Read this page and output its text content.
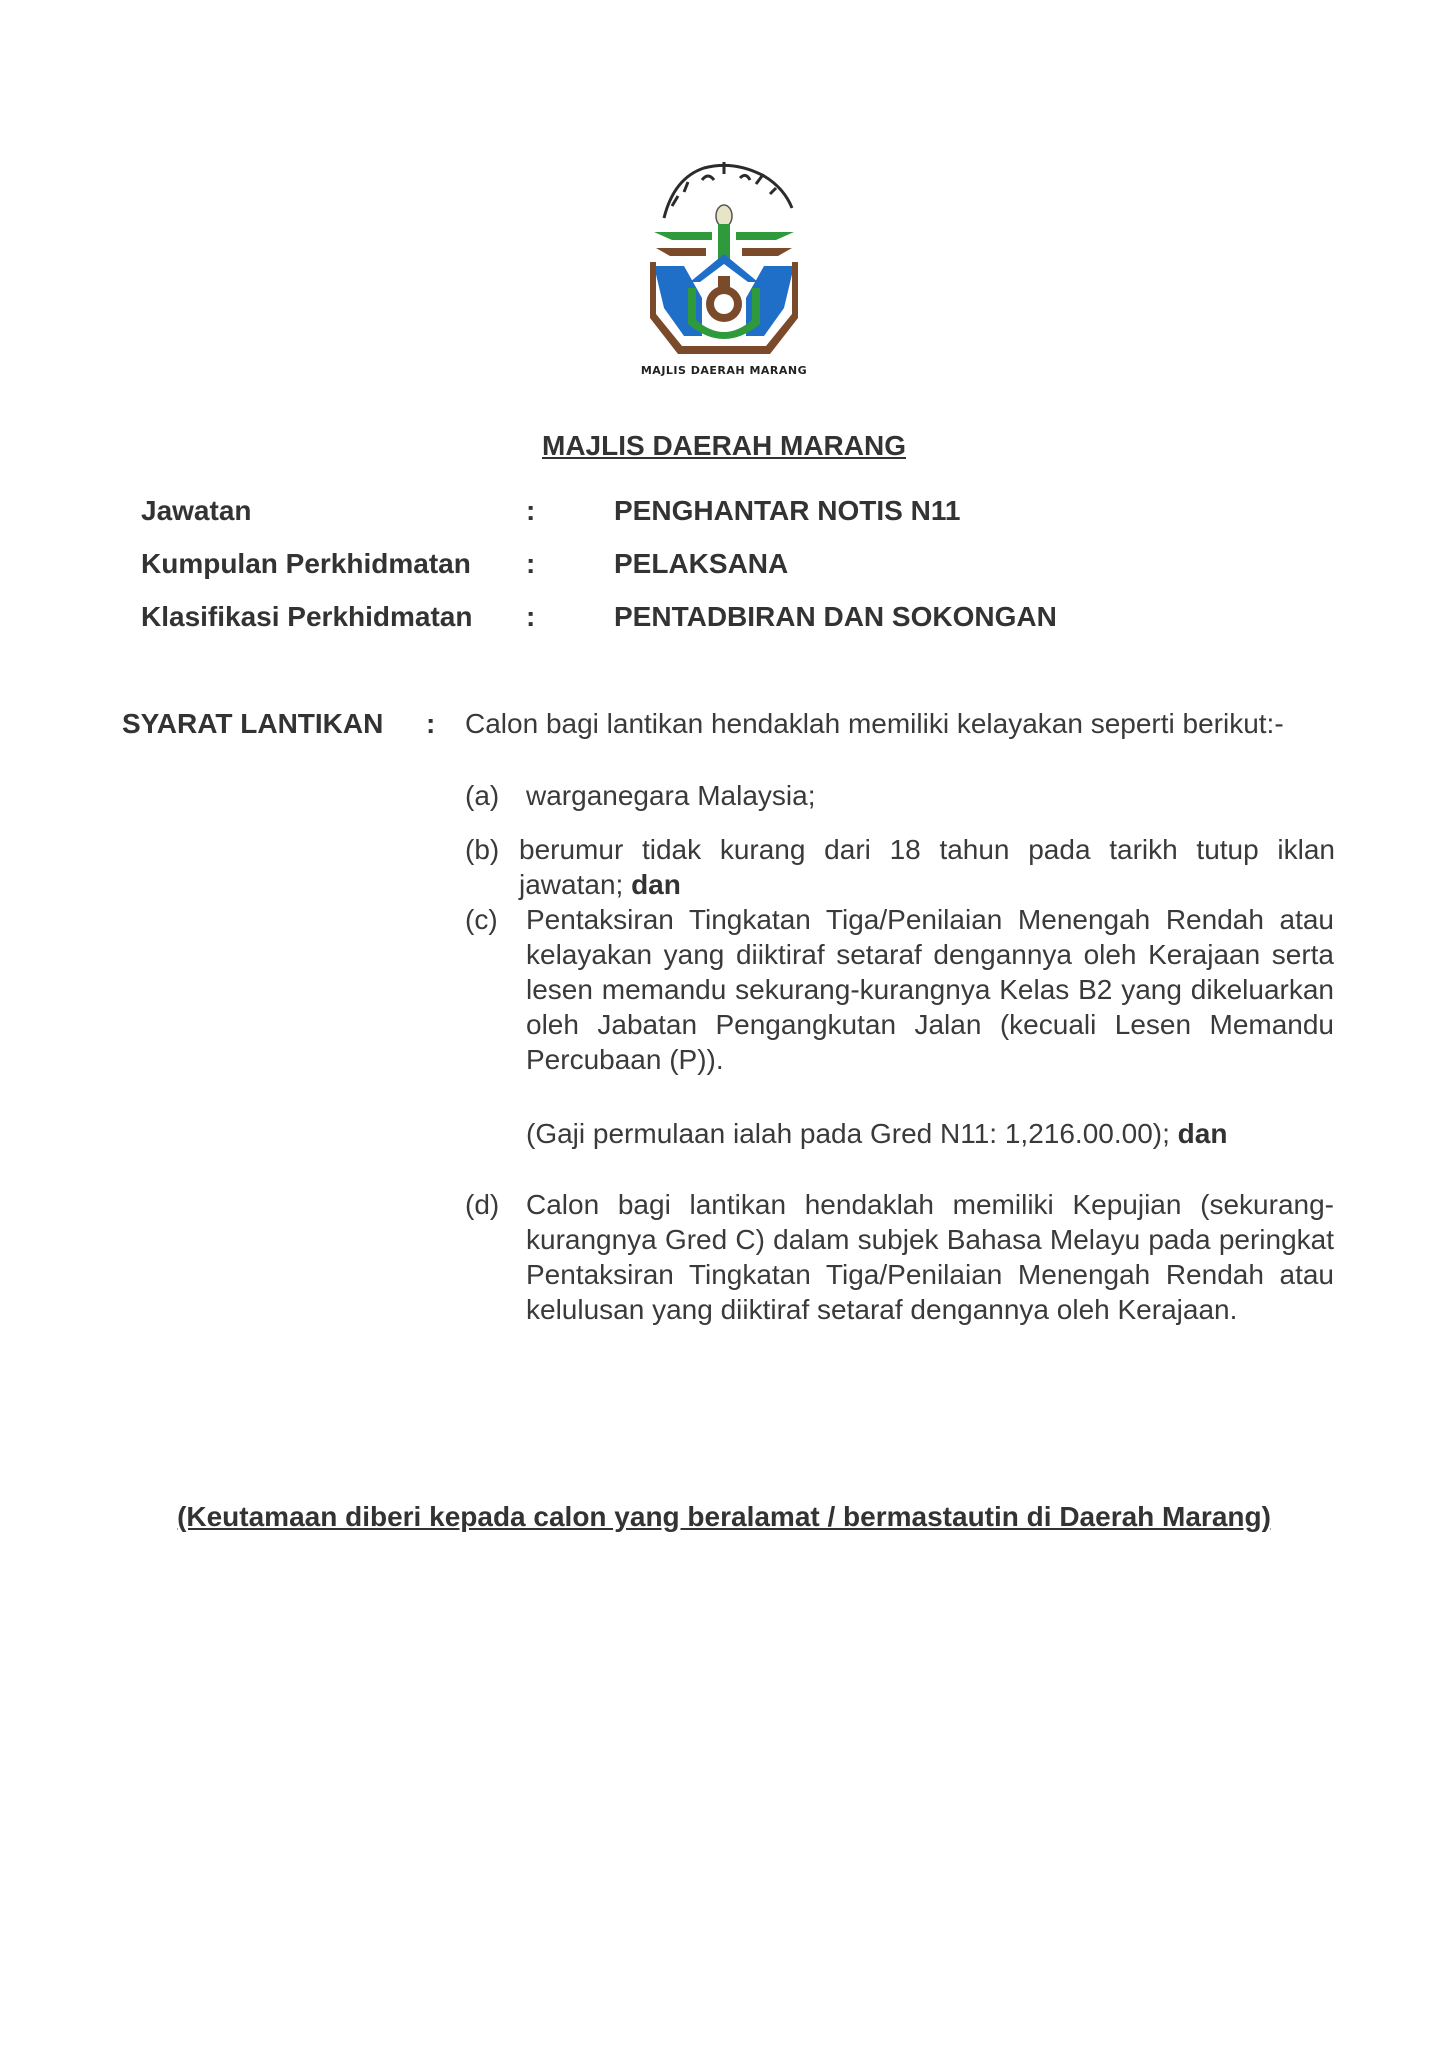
MAJLIS DAERAH MARANG
MAJLIS DAERAH MARANG
Jawatan	:	PENGHANTAR NOTIS N11
Kumpulan Perkhidmatan :	PELAKSANA
Klasifikasi Perkhidmatan :	PENTADBIRAN DAN SOKONGAN
SYARAT LANTIKAN : Calon bagi lantikan hendaklah memiliki kelayakan seperti berikut:-
(a) warganegara Malaysia;
(b) berumur tidak kurang dari 18 tahun pada tarikh tutup iklan jawatan; dan
(c) Pentaksiran Tingkatan Tiga/Penilaian Menengah Rendah atau kelayakan yang diiktiraf setaraf dengannya oleh Kerajaan serta lesen memandu sekurang-kurangnya Kelas B2 yang dikeluarkan oleh Jabatan Pengangkutan Jalan (kecuali Lesen Memandu Percubaan (P)).
(Gaji permulaan ialah pada Gred N11: 1,216.00.00); dan
(d) Calon bagi lantikan hendaklah memiliki Kepujian (sekurang-kurangnya Gred C) dalam subjek Bahasa Melayu pada peringkat Pentaksiran Tingkatan Tiga/Penilaian Menengah Rendah atau kelulusan yang diiktiraf setaraf dengannya oleh Kerajaan.
(Keutamaan diberi kepada calon yang beralamat / bermastautin di Daerah Marang)
